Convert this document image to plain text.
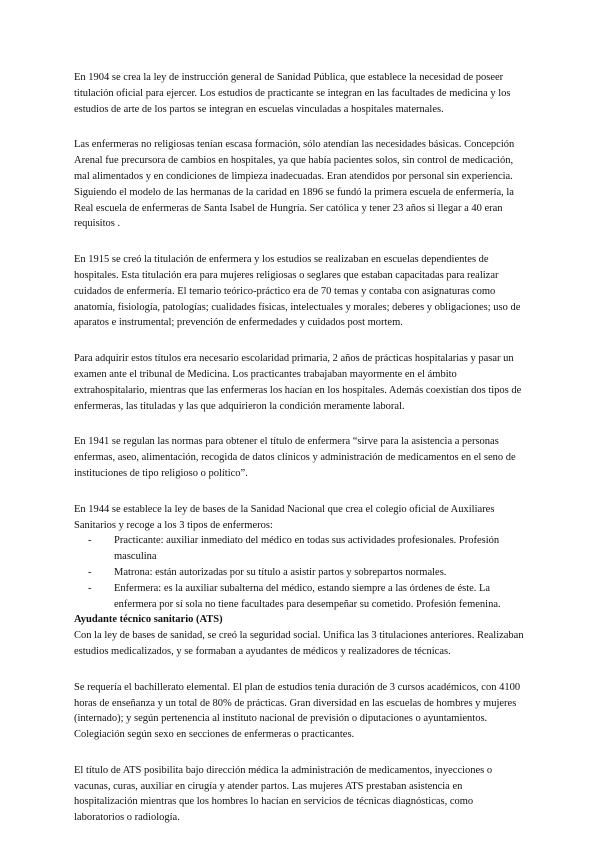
En 1904 se crea la ley de instrucción general de Sanidad Pública, que establece la necesidad de poseer titulación oficial para ejercer. Los estudios de practicante se integran en las facultades de medicina y los estudios de arte de los partos se integran en escuelas vinculadas a hospitales maternales.

Las enfermeras no religiosas tenían escasa formación, sólo atendían las necesidades básicas. Concepción Arenal fue precursora de cambios en hospitales, ya que había pacientes solos, sin control de medicación, mal alimentados y en condiciones de limpieza inadecuadas. Eran atendidos por personal sin experiencia. Siguiendo el modelo de las hermanas de la caridad en 1896 se fundó la primera escuela de enfermería, la Real escuela de enfermeras de Santa Isabel de Hungría. Ser católica y tener 23 años si llegar a 40 eran requisitos .

En 1915 se creó la titulación de enfermera y los estudios se realizaban en escuelas dependientes de hospitales. Esta titulación era para mujeres religiosas o seglares que estaban capacitadas para realizar cuidados de enfermería. El temario teórico-práctico era de 70 temas y contaba con asignaturas como anatomía, fisiología, patologías; cualidades físicas, intelectuales y morales; deberes y obligaciones; uso de aparatos e instrumental; prevención de enfermedades y cuidados post mortem.

Para adquirir estos títulos era necesario escolaridad primaria, 2 años de prácticas hospitalarias y pasar un examen ante el tribunal de Medicina. Los practicantes trabajaban mayormente en el ámbito extrahospitalario, mientras que las enfermeras los hacían en los hospitales. Además coexistían dos tipos de enfermeras, las tituladas y las que adquirieron la condición meramente laboral.

En 1941 se regulan las normas para obtener el título de enfermera “sirve para la asistencia a personas enfermas, aseo, alimentación, recogida de datos clínicos y administración de medicamentos en el seno de instituciones de tipo religioso o político”.

En 1944 se establece la ley de bases de la Sanidad Nacional que crea el colegio oficial de Auxiliares Sanitarios y recoge a los 3 tipos de enfermeros:

- Practicante: auxiliar inmediato del médico en todas sus actividades profesionales. Profesión masculina
- Matrona: están autorizadas por su título a asistir partos y sobrepartos normales.
- Enfermera: es la auxiliar subalterna del médico, estando siempre a las órdenes de éste. La enfermera por sí sola no tiene facultades para desempeñar su cometido. Profesión femenina.
Ayudante técnico sanitario (ATS)

Con la ley de bases de sanidad, se creó la seguridad social. Unifica las 3 titulaciones anteriores. Realizaban estudios medicalizados, y se formaban a ayudantes de médicos y realizadores de técnicas.

Se requería el bachillerato elemental. El plan de estudios tenía duración de 3 cursos académicos, con 4100 horas de enseñanza y un total de 80% de prácticas. Gran diversidad en las escuelas de hombres y mujeres (internado); y según pertenencia al instituto nacional de previsión o diputaciones o ayuntamientos. Colegiación según sexo en secciones de enfermeras o practicantes.

El título de ATS posibilita bajo dirección médica la administración de medicamentos, inyecciones o vacunas, curas, auxiliar en cirugía y atender partos. Las mujeres ATS prestaban asistencia en hospitalización mientras que los hombres lo hacían en servicios de técnicas diagnósticas, como laboratorios o radiología.
